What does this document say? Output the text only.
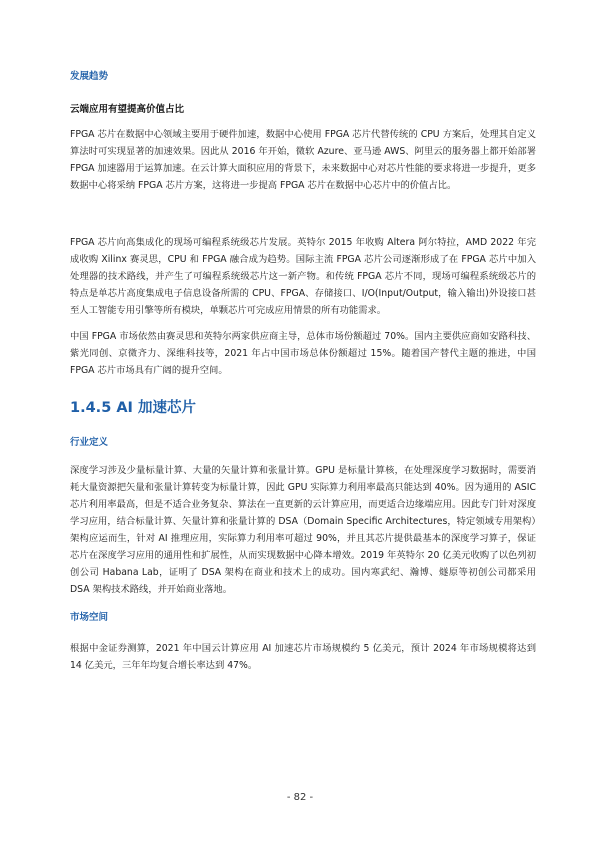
发展趋势
云端应用有望提高价值占比

FPGA 芯片在数据中心领域主要用于硬件加速，数据中心使用 FPGA 芯片代替传统的 CPU 方案后，处理其自定义算法时可实现显著的加速效果。因此从 2016 年开始，微软 Azure、亚马逊 AWS、阿里云的服务器上都开始部署 FPGA 加速器用于运算加速。在云计算大面积应用的背景下，未来数据中心对芯片性能的要求将进一步提升，更多数据中心将采纳 FPGA 芯片方案，这将进一步提高 FPGA 芯片在数据中心芯片中的价值占比。

FPGA 芯片向高集成化的现场可编程系统级芯片发展。英特尔 2015 年收购 Altera 阿尔特拉，AMD 2022 年完成收购 Xilinx 赛灵思，CPU 和 FPGA 融合成为趋势。国际主流 FPGA 芯片公司逐渐形成了在 FPGA 芯片中加入处理器的技术路线，并产生了可编程系统级芯片这一新产物。和传统 FPGA 芯片不同，现场可编程系统级芯片的特点是单芯片高度集成电子信息设备所需的 CPU、FPGA、存储接口、I/O(Input/Output，输入输出)外设接口甚至人工智能专用引擎等所有模块，单颗芯片可完成应用情景的所有功能需求。

中国 FPGA 市场依然由赛灵思和英特尔两家供应商主导，总体市场份额超过 70%。国内主要供应商如安路科技、紫光同创、京微齐力、深维科技等，2021 年占中国市场总体份额超过 15%。随着国产替代主题的推进，中国 FPGA 芯片市场具有广阔的提升空间。

1.4.5 AI 加速芯片
行业定义

深度学习涉及少量标量计算、大量的矢量计算和张量计算。GPU 是标量计算核，在处理深度学习数据时，需要消耗大量资源把矢量和张量计算转变为标量计算，因此 GPU 实际算力利用率最高只能达到 40%。因为通用的 ASIC 芯片利用率最高，但是不适合业务复杂、算法在一直更新的云计算应用，而更适合边缘端应用。因此专门针对深度学习应用，结合标量计算、矢量计算和张量计算的 DSA（Domain Specific Architectures，特定领域专用架构）架构应运而生，针对 AI 推理应用，实际算力利用率可超过 90%，并且其芯片提供最基本的深度学习算子，保证芯片在深度学习应用的通用性和扩展性，从而实现数据中心降本增效。2019 年英特尔 20 亿美元收购了以色列初创公司 Habana Lab，证明了 DSA 架构在商业和技术上的成功。国内寒武纪、瀚博、燧原等初创公司都采用 DSA 架构技术路线，并开始商业落地。

市场空间

根据中金证券测算，2021 年中国云计算应用 AI 加速芯片市场规模约 5 亿美元，预计 2024 年市场规模将达到 14 亿美元，三年年均复合增长率达到 47%。

- 82 -
